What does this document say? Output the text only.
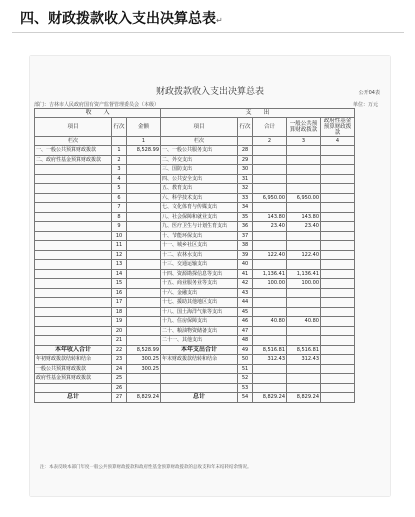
四、财政拨款收入支出决算总表↵
财政拨款收入支出决算总表	公开04表
部门：吉林市人民政府国有资产监督管理委员会（本级）	单位：万元
收　　入			支　　出				
项目	行次	金额	项目	行次	合计	一般公共预算财政拨款	政府性基金预算财政拨款
栏次		1	栏次		2	3	4
一、一般公共预算财政拨款	1	8,528.99	一、一般公共服务支出	28			
二、政府性基金预算财政拨款	2		二、外交支出	29			
	3		三、国防支出	30			
	4		四、公共安全支出	31			
	5		五、教育支出	32			
	6		六、科学技术支出	33	6,950.00	6,950.00	
	7		七、文化体育与传媒支出	34			
	8		八、社会保障和就业支出	35	143.80	143.80	
	9		九、医疗卫生与计划生育支出	36	23.40	23.40	
	10		十、节能环保支出	37			
	11		十一、城乡社区支出	38			
	12		十二、农林水支出	39	122.40	122.40	
	13		十三、交通运输支出	40			
	14		十四、资源勘探信息等支出	41	1,136.41	1,136.41	
	15		十五、商业服务业等支出	42	100.00	100.00	
	16		十六、金融支出	43			
	17		十七、援助其他地区支出	44			
	18		十八、国土海洋气象等支出	45			
	19		十九、住房保障支出	46	40.80	40.80	
	20		二十、粮油物资储备支出	47			
	21		二十一、其他支出	48			
本年收入合计	22	8,528.99	本年支出合计	49	8,516.81	8,516.81	
年初财政拨款结转和结余	23	300.25	年末财政拨款结转和结余	50	312.43	312.43	
一般公共预算财政拨款	24	300.25		51			
政府性基金预算财政拨款	25			52			
	26			53			
总计	27	8,829.24	总计	54	8,829.24	8,829.24	
注：本表反映本部门年度一般公共预算财政拨款和政府性基金预算财政拨款的总收支和年末结转结余情况。
